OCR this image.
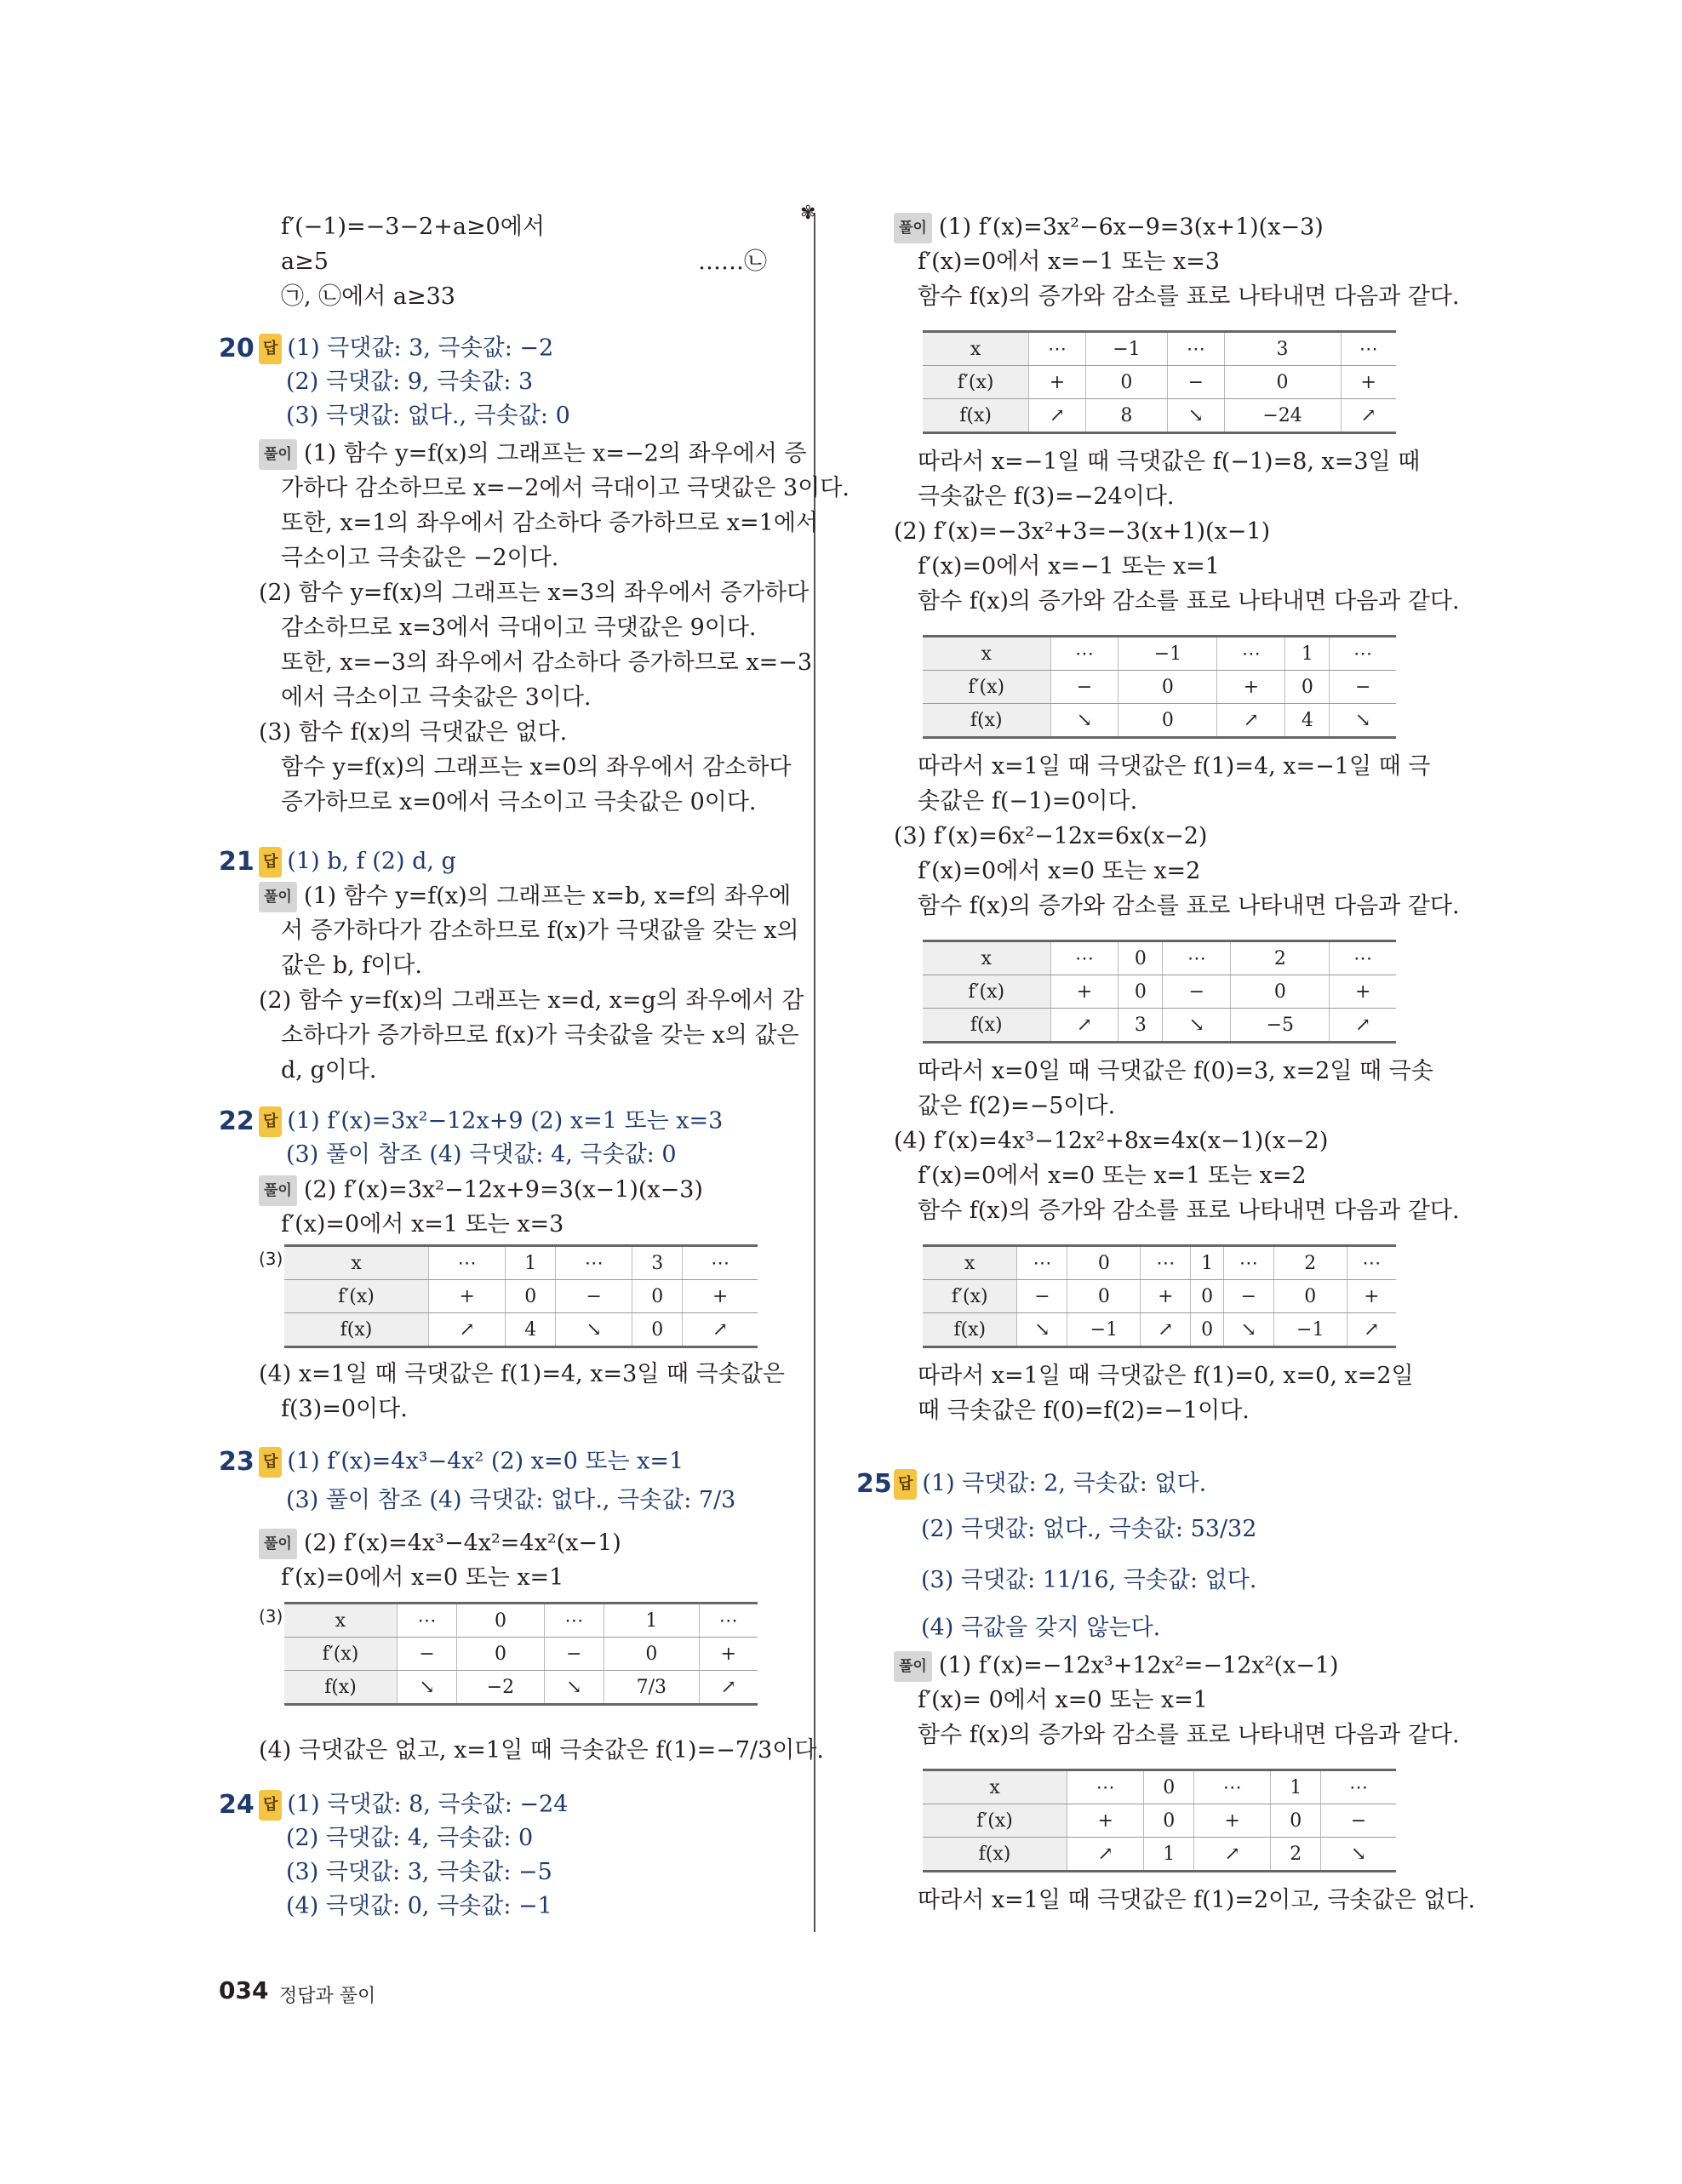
✾
f′(−1)=−3−2+a≥0에서
a≥5	……㉡
㉠, ㉡에서 a≥33
20 답 (1) 극댓값: 3, 극솟값: −2
(2) 극댓값: 9, 극솟값: 3
(3) 극댓값: 없다., 극솟값: 0
풀이 (1) 함수 y=f(x)의 그래프는 x=−2의 좌우에서 증
가하다 감소하므로 x=−2에서 극대이고 극댓값은 3이다.
또한, x=1의 좌우에서 감소하다 증가하므로 x=1에서
극소이고 극솟값은 −2이다.
(2) 함수 y=f(x)의 그래프는 x=3의 좌우에서 증가하다
감소하므로 x=3에서 극대이고 극댓값은 9이다.
또한, x=−3의 좌우에서 감소하다 증가하므로 x=−3
에서 극소이고 극솟값은 3이다.
(3) 함수 f(x)의 극댓값은 없다.
함수 y=f(x)의 그래프는 x=0의 좌우에서 감소하다
증가하므로 x=0에서 극소이고 극솟값은 0이다.
21 답 (1) b, f (2) d, g
풀이 (1) 함수 y=f(x)의 그래프는 x=b, x=f의 좌우에
서 증가하다가 감소하므로 f(x)가 극댓값을 갖는 x의
값은 b, f이다.
(2) 함수 y=f(x)의 그래프는 x=d, x=g의 좌우에서 감
소하다가 증가하므로 f(x)가 극솟값을 갖는 x의 값은
d, g이다.
22 답 (1) f′(x)=3x²−12x+9 (2) x=1 또는 x=3
(3) 풀이 참조 (4) 극댓값: 4, 극솟값: 0
풀이 (2) f′(x)=3x²−12x+9=3(x−1)(x−3)
f′(x)=0에서 x=1 또는 x=3
(3)	x	⋯	1	⋯	3	⋯
f′(x)	+	0	−	0	+
f(x)	↗	4	↘	0	↗
(4) x=1일 때 극댓값은 f(1)=4, x=3일 때 극솟값은
f(3)=0이다.
23 답 (1) f′(x)=4x³−4x² (2) x=0 또는 x=1
(3) 풀이 참조 (4) 극댓값: 없다., 극솟값: 7/3
풀이 (2) f′(x)=4x³−4x²=4x²(x−1)
f′(x)=0에서 x=0 또는 x=1
(3)	x	⋯	0	⋯	1	⋯
f′(x)	−	0	−	0	+
f(x)	↘	−2	↘	7/3	↗
(4) 극댓값은 없고, x=1일 때 극솟값은 f(1)=−7/3이다.
24 답 (1) 극댓값: 8, 극솟값: −24
(2) 극댓값: 4, 극솟값: 0
(3) 극댓값: 3, 극솟값: −5
(4) 극댓값: 0, 극솟값: −1
풀이 (1) f′(x)=3x²−6x−9=3(x+1)(x−3)
f′(x)=0에서 x=−1 또는 x=3
함수 f(x)의 증가와 감소를 표로 나타내면 다음과 같다.
x	⋯	−1	⋯	3	⋯
f′(x)	+	0	−	0	+
f(x)	↗	8	↘	−24	↗
따라서 x=−1일 때 극댓값은 f(−1)=8, x=3일 때
극솟값은 f(3)=−24이다.
(2) f′(x)=−3x²+3=−3(x+1)(x−1)
f′(x)=0에서 x=−1 또는 x=1
함수 f(x)의 증가와 감소를 표로 나타내면 다음과 같다.
x	⋯	−1	⋯	1	⋯
f′(x)	−	0	+	0	−
f(x)	↘	0	↗	4	↘
따라서 x=1일 때 극댓값은 f(1)=4, x=−1일 때 극
솟값은 f(−1)=0이다.
(3) f′(x)=6x²−12x=6x(x−2)
f′(x)=0에서 x=0 또는 x=2
함수 f(x)의 증가와 감소를 표로 나타내면 다음과 같다.
x	⋯	0	⋯	2	⋯
f′(x)	+	0	−	0	+
f(x)	↗	3	↘	−5	↗
따라서 x=0일 때 극댓값은 f(0)=3, x=2일 때 극솟
값은 f(2)=−5이다.
(4) f′(x)=4x³−12x²+8x=4x(x−1)(x−2)
f′(x)=0에서 x=0 또는 x=1 또는 x=2
함수 f(x)의 증가와 감소를 표로 나타내면 다음과 같다.
x	⋯	0	⋯	1	⋯	2	⋯
f′(x)	−	0	+	0	−	0	+
f(x)	↘	−1	↗	0	↘	−1	↗
따라서 x=1일 때 극댓값은 f(1)=0, x=0, x=2일
때 극솟값은 f(0)=f(2)=−1이다.
25 답 (1) 극댓값: 2, 극솟값: 없다.
(2) 극댓값: 없다., 극솟값: 53/32
(3) 극댓값: 11/16, 극솟값: 없다.
(4) 극값을 갖지 않는다.
풀이 (1) f′(x)=−12x³+12x²=−12x²(x−1)
f′(x)= 0에서 x=0 또는 x=1
함수 f(x)의 증가와 감소를 표로 나타내면 다음과 같다.
x	⋯	0	⋯	1	⋯
f′(x)	+	0	+	0	−
f(x)	↗	1	↗	2	↘
따라서 x=1일 때 극댓값은 f(1)=2이고, 극솟값은 없다.
034 정답과 풀이
